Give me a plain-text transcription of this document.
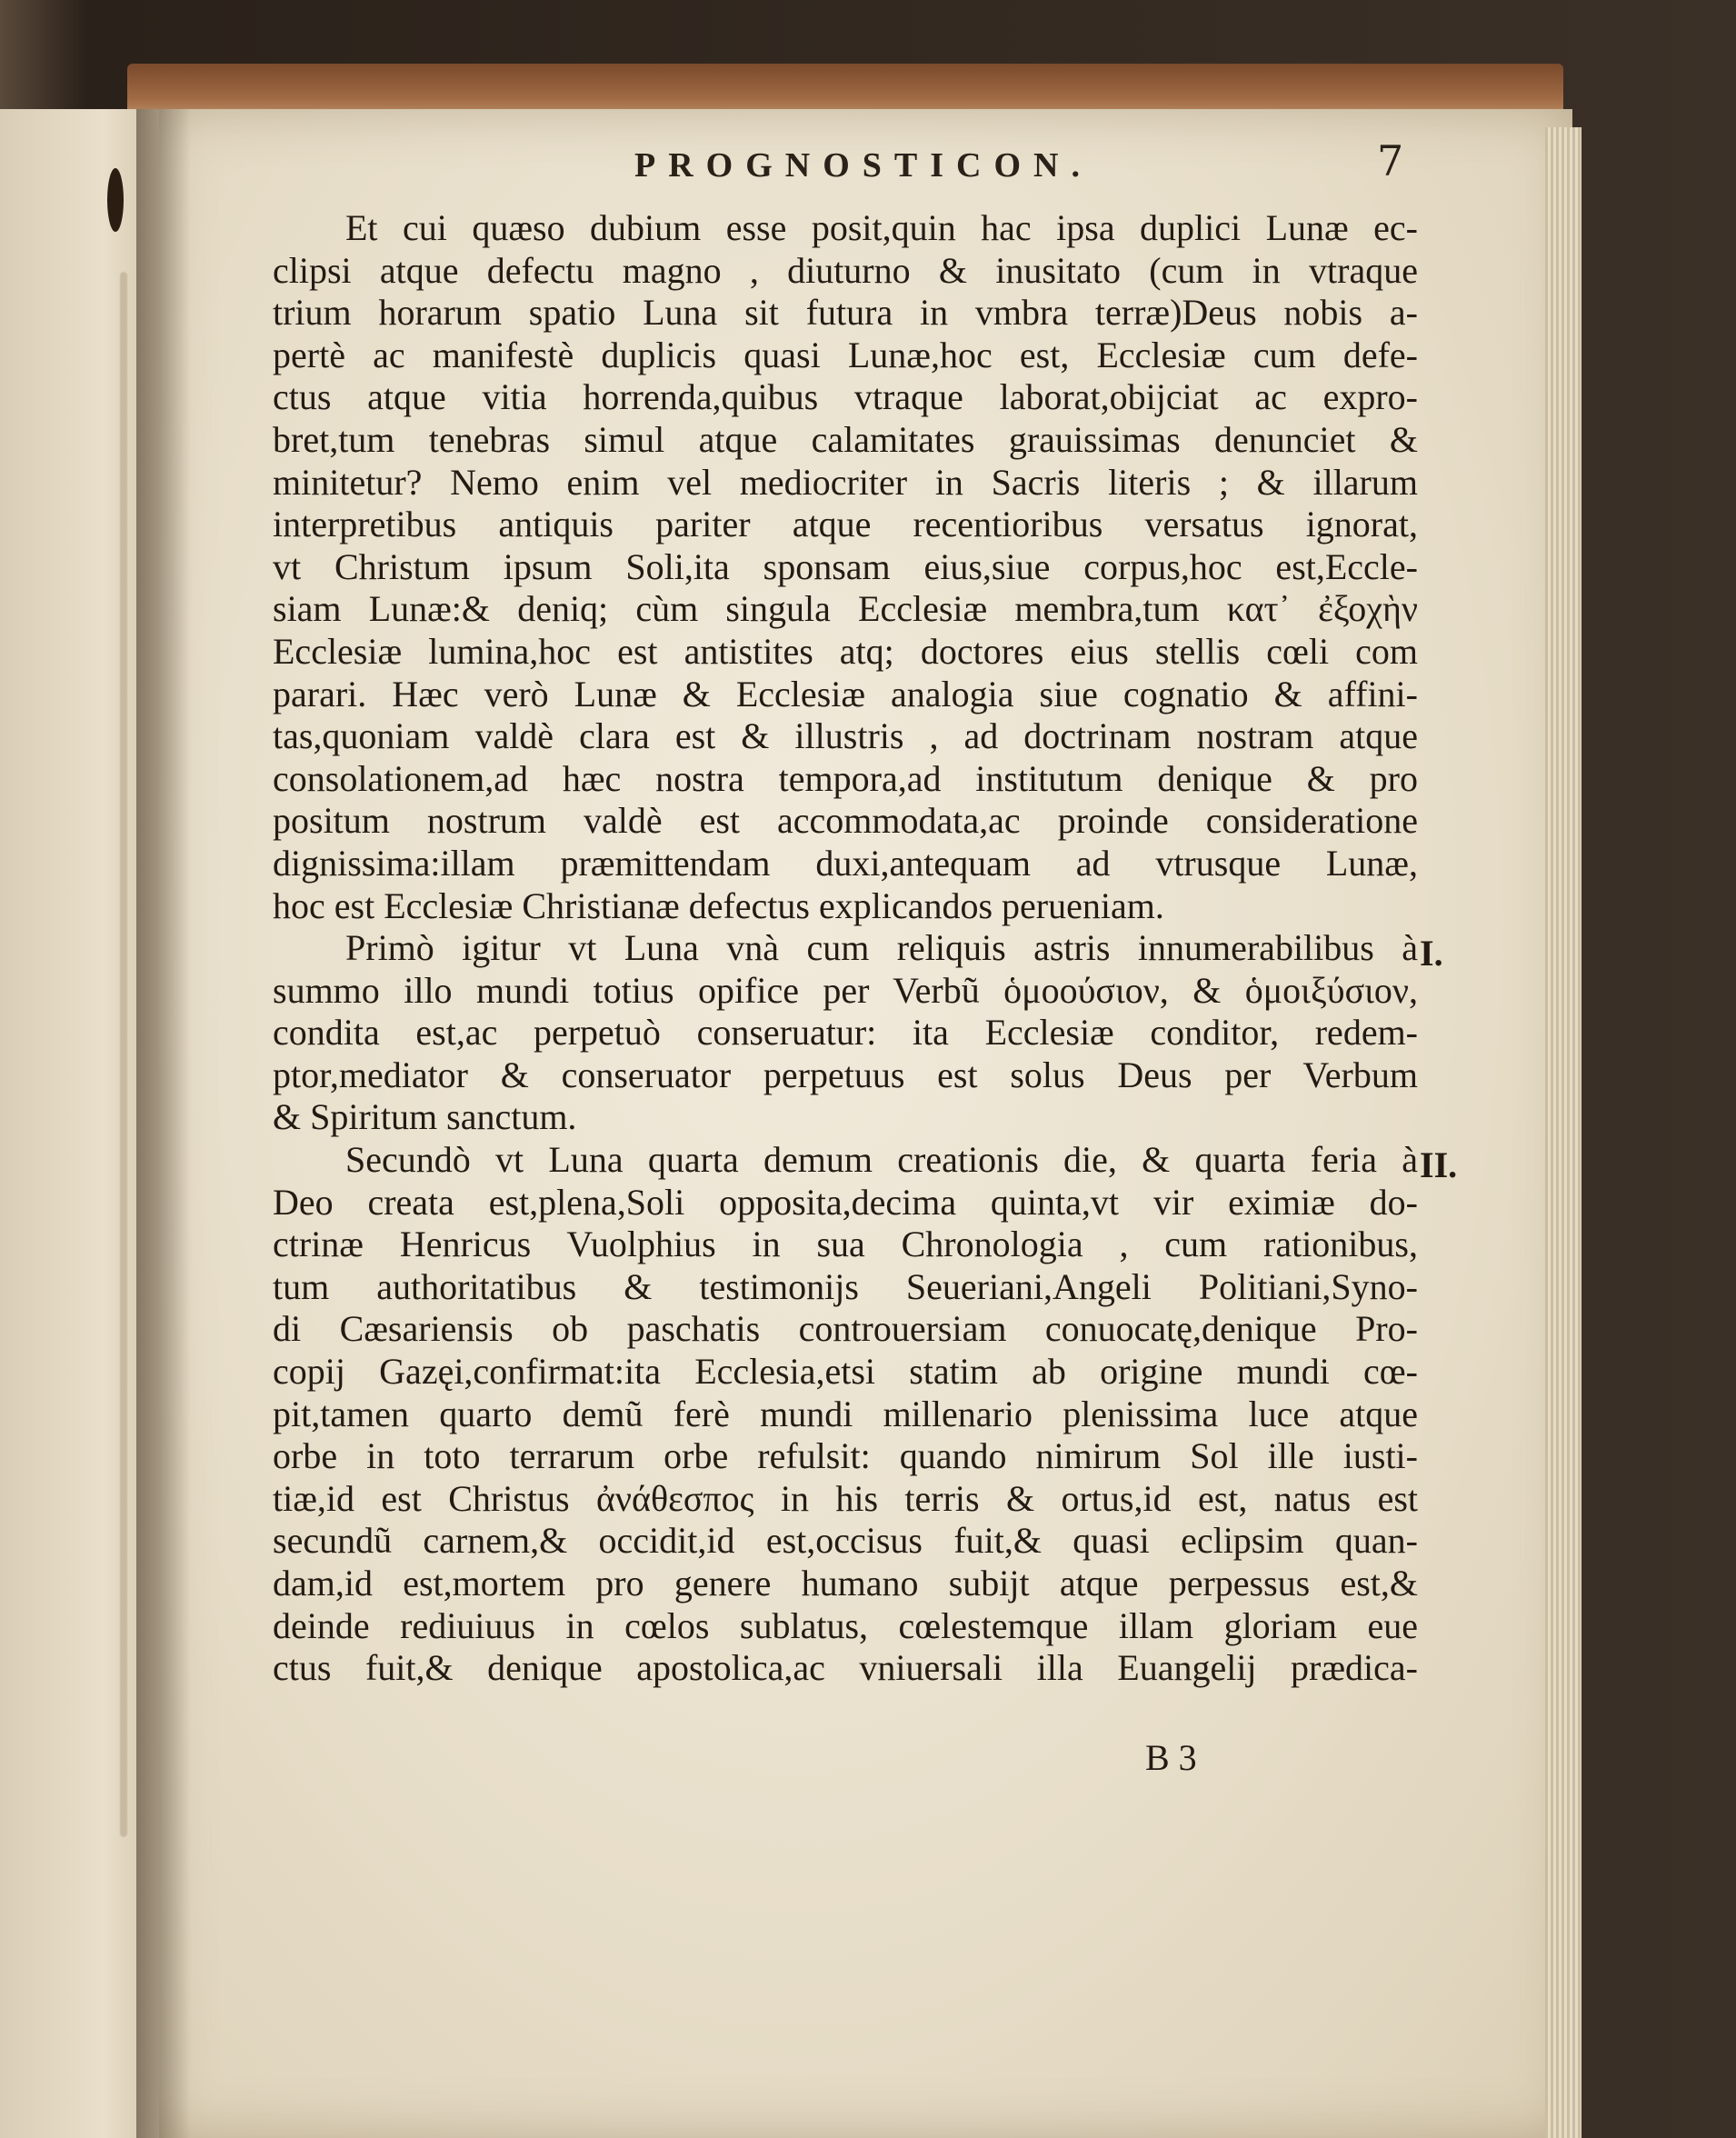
PROGNOSTICON.	7
Et cui quæso dubium esse posit,quin hac ipsa duplici Lunæ ec-
clipsi atque defectu magno , diuturno & inusitato (cum in vtraque
trium horarum spatio Luna sit futura in vmbra terræ)Deus nobis a-
pertè ac manifestè duplicis quasi Lunæ,hoc est, Ecclesiæ cum defe-
ctus atque vitia horrenda,quibus vtraque laborat,obijciat ac expro-
bret,tum tenebras simul atque calamitates grauissimas denunciet &
minitetur? Nemo enim vel mediocriter in Sacris literis ; & illarum
interpretibus antiquis pariter atque recentioribus versatus ignorat,
vt Christum ipsum Soli,ita sponsam eius,siue corpus,hoc est,Eccle-
siam Lunæ:& deniq; cùm singula Ecclesiæ membra,tum κατ᾽ ἐξοχὴν
Ecclesiæ lumina,hoc est antistites atq; doctores eius stellis cœli com
parari. Hæc verò Lunæ & Ecclesiæ analogia siue cognatio & affini-
tas,quoniam valdè clara est & illustris , ad doctrinam nostram atque
consolationem,ad hæc nostra tempora,ad institutum denique & pro
positum nostrum valdè est accommodata,ac proinde consideratione
dignissima:illam præmittendam duxi,antequam ad vtrusque Lunæ,
hoc est Ecclesiæ Christianæ defectus explicandos perueniam.
Primò igitur vt Luna vnà cum reliquis astris innumerabilibus à
summo illo mundi totius opifice per Verbũ ὁμοούσιον, & ὁμοιξύσιον,
condita est,ac perpetuò conseruatur: ita Ecclesiæ conditor, redem-
ptor,mediator & conseruator perpetuus est solus Deus per Verbum
& Spiritum sanctum.
Secundò vt Luna quarta demum creationis die, & quarta feria à
Deo creata est,plena,Soli opposita,decima quinta,vt vir eximiæ do-
ctrinæ Henricus Vuolphius in sua Chronologia , cum rationibus,
tum authoritatibus & testimonijs Seueriani,Angeli Politiani,Syno-
di Cæsariensis ob paschatis controuersiam conuocatę,denique Pro-
copij Gazęi,confirmat:ita Ecclesia,etsi statim ab origine mundi cœ-
pit,tamen quarto demũ ferè mundi millenario plenissima luce atque
orbe in toto terrarum orbe refulsit: quando nimirum Sol ille iusti-
tiæ,id est Christus ἀνάθεσπος in his terris & ortus,id est, natus est
secundũ carnem,& occidit,id est,occisus fuit,& quasi eclipsim quan-
dam,id est,mortem pro genere humano subijt atque perpessus est,&
deinde rediuiuus in cœlos sublatus, cœlestemque illam gloriam eue
ctus fuit,& denique apostolica,ac vniuersali illa Euangelij prædica-
I.
II.
B 3
